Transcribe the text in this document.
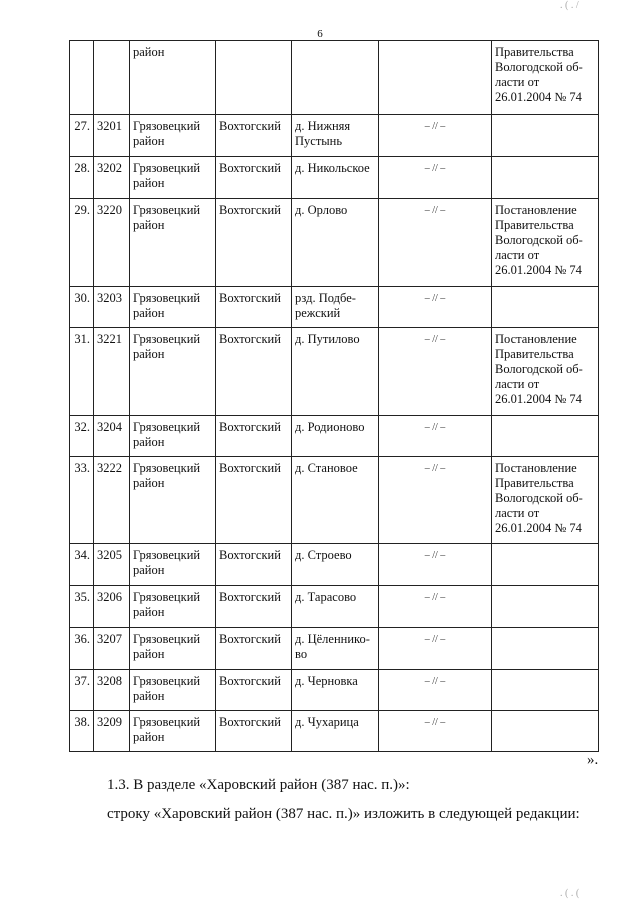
6
		район				Правительства Вологодской об-ласти от 26.01.2004 № 74
27.	3201	Грязовецкий район	Вохтогский	д. Нижняя Пустынь	– // –	
28.	3202	Грязовецкий район	Вохтогский	д. Никольское	– // –	
29.	3220	Грязовецкий район	Вохтогский	д. Орлово	– // –	Постановление Правительства Вологодской об-ласти от 26.01.2004 № 74
30.	3203	Грязовецкий район	Вохтогский	рзд. Подбе-режский	– // –	
31.	3221	Грязовецкий район	Вохтогский	д. Путилово	– // –	Постановление Правительства Вологодской об-ласти от 26.01.2004 № 74
32.	3204	Грязовецкий район	Вохтогский	д. Родионово	– // –	
33.	3222	Грязовецкий район	Вохтогский	д. Становое	– // –	Постановление Правительства Вологодской об-ласти от 26.01.2004 № 74
34.	3205	Грязовецкий район	Вохтогский	д. Строево	– // –	
35.	3206	Грязовецкий район	Вохтогский	д. Тарасово	– // –	
36.	3207	Грязовецкий район	Вохтогский	д. Цёленнико-во	– // –	
37.	3208	Грязовецкий район	Вохтогский	д. Черновка	– // –	
38.	3209	Грязовецкий район	Вохтогский	д. Чухарица	– // –	
».
1.3. В разделе «Харовский район (387 нас. п.)»:
строку «Харовский район (387 нас. п.)» изложить в следующей редакции:
. ( . /
. ( . (
